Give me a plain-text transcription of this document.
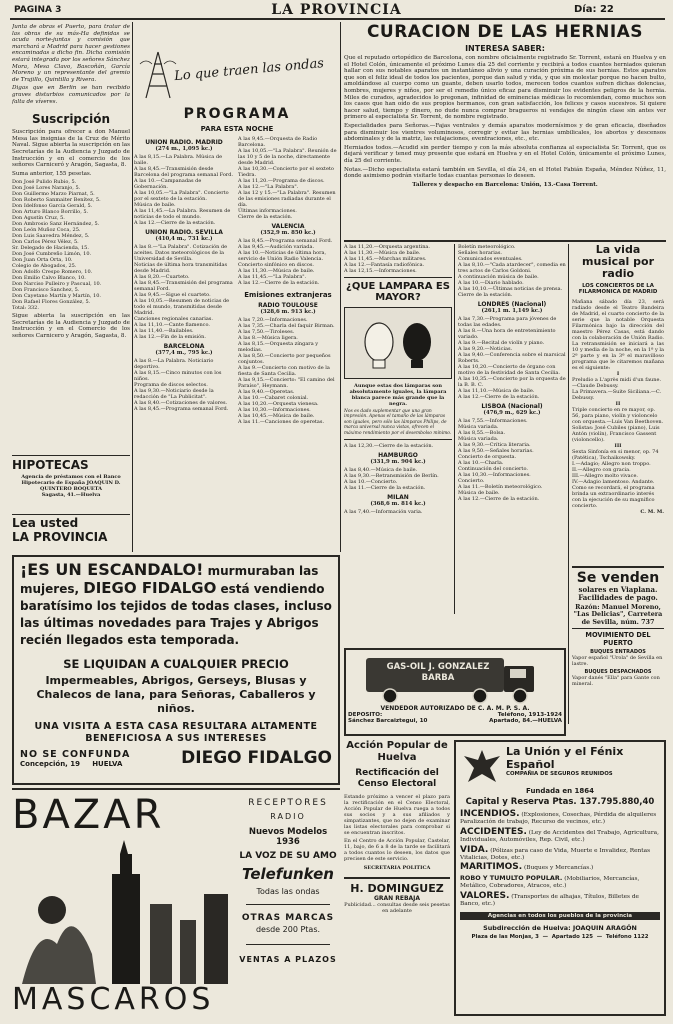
PAGINA 3	LA PROVINCIA	Día: 22

Junta de obras el Puerto, para tratar de las obras de su más-Ha definidas se acuda norte-juntas y comisión que marchará a Madrid para hacer gestiones encaminadas a dicho fin. Dicha comisión estará integrada por los señores Sánchez Mora, Mesa Clavo, Bascoñán, García Moreno y un representante del gremio de Trujillo, Quintilla y Rivera.

Digas que en Berlin se han recibido graves disturbios comunicados por la falta de víveres.

Suscripción

Suscripción para ofrecer a don Manuel Mesa las insignias de la Cruz de Mérito Naval. Sigue abierta la suscripción en las Secretarías de la Audiencia y Juzgado de Instrucción y en el comercio de los señores Carniceró y Aragón, Sagasta, 8.

Suma anterior, 155 pesetas.

Don José Pulido Rubio, 5.

Don José Lores Naranjo, 5.

Don Guillermo Marzo Piarnat, 5.

Don Roberto Sanmaiter Benítez, 5.

Don Idelfonso García Gerald, 5.

Don Arturo Blanco Borrillo, 5.

Don Agustín Cruz, 5.

Don Ambrosio Sanz Hernández, 5.

Don León Muñoz Coca, 25.

Don Luis Saavedra Méndez, 5.

Don Carlos Pérez Vélez, 5.

Sr. Delegado de Hacienda, 15.

Don José Cumbreño Limón, 10.

Don Juan Orta Orta, 10.

Colegio de Abogados, 25.

Don Adolfo Crespo Romero, 10.

Don Emilio Calvo Blanco, 10.

Don Narciso Pulleiro y Pascual, 10.

Don Francisco Sanchez, 5.

Don Cayetano Martín y Martín, 10.

Don Rafael Flores González, 5.

Total: 332.

Sigue abierta la suscripción en las Secretarías de la Audiencia y Juzgado de Instrucción y en el Comercio de los señores Carnicero y Aragón, Sagasta, 8.

HIPOTECAS

Agencia de préstamos con el Banco Hipotecario de España JOAQUIN D. QUINTERO BOQUETA

Sagasta, 41.—Huelva

Lea usted
LA PROVINCIA
Lo que traen las ondas
PROGRAMA
PARA ESTA NOCHE
UNION RADIO. MADRID
(274 m., 1,095 kc.)

A las 8,15.—La Palabra. Música de baile.

A las 8,45.—Transmisión desde Barcelona del programa semanal Ford.

A las 10.—Campanadas de Gobernación.

A las 10,05.—"La Palabra". Concierto por el sexteto de la estación.

Música de baile.

A las 11,45.—La Palabra. Resumen de noticias de todo el mundo.

A las 12.—Cierre de la estación.

UNION RADIO. SEVILLA
(410,4 m., 731 kc.)

A las 8.—"La Palabra". Cotización de aceites. Datos meteorológicos de la Universidad de Sevilla.

Noticias de última hora transmitidas desde Madrid.

A las 8,20.—Cuarteto.

A las 8,45.—Transmisión del programa semanal Ford.

A las 9,45.—Sigue el cuarteto.

A las 10,05.—Resumen de noticias de todo el mundo, transmitidas desde Madrid.

Canciones regionales canarias.

A las 11,10.—Cante flamenco.

A las 11,40.—Bailables.

A las 12.—Fin de la emisión.

BARCELONA
(377,4 m., 795 kc.)

A las 8.—La Palabra. Noticiario deportivo.

A las 8,15.—Cinco minutos con los niños.

Programa de discos selectos.

A las 9,30.—Noticiario desde la redacción de "La Publicitat".

A las 8,40.—Cotizaciones de valores.

A las 8,45.—Programa semanal Ford.

A las 9,45.—Orquesta de Radio Barcelona.

A las 10,05.—"La Palabra". Reunión de las 10 y 5 de la noche, directamente desde Madrid.

A las 10,30.—Concierto por el sexteto Tiedra.

A las 11,20.—Programa de discos.

A las 12.—"La Palabra".

A las 12 y 15.—"La Palabra". Resumen de las emisiones radiadas durante el día.

Últimas informaciones.

Cierre de la estación.

VALENCIA
(352,9 m. 850 kc.)

A las 8,45.—Programa semanal Ford.

A las 9,45.—Audición variada.

A las 10.—Noticias de última hora, servicio de Unión Radio Valencia.

Concierto sinfónico en discos.

A las 11,30.—Música de baile.

A las 11,45.—"La Palabra".

A las 12.—Cierre de la estación.

Emisiones extranjeras
RADIO TOULOUSE
(328,6 m. 913 kc.)

A las 7,20.—Informaciones.

A las 7,35.—Charla del faquir Birman.

A las 7,50.—Tiroleses.

A las 8.—Música ligera.

A las 8,15.—Orquesta zíngara y melodías.

A las 8,50.—Concierto por pequeños conjuntos.

A las 9.—Concierto con motivo de la fiesta de Santa Cecilia.

A las 9,15.—Concierto: "El camino del Paraíso", Heymann.

A las 9,40.—Operetas.

A las 10.—Cabaret colonial.

A las 10,20.—Orquesta vienesa.

A las 10,30.—Informaciones.

A las 10,45.—Música de baile.

A las 11.—Canciones de operetas.

CURACION DE LAS HERNIAS
INTERESA SABER:

Que el reputado ortopédico de Barcelona, con nombre oficialmente registrado Sr. Torrent, estará en Huelva y en el Hotel Colón, únicamente el próximo Lunes día 25 del corriente y recibirá a todos cuantos herniados quieran hallar con sus notables aparatos un instantáneo alivio y una curación próxima de sus hernias. Estos aparatos que son el feliz ideal de todos los pacientes, porque dan salud y vida, y que sin molestar porque no hacen bulto, amoldándose al cuerpo como un guante, deben usarlo todos, merecen todos cuantos sufren dichas dolencias, hombres, mujeres y niños, por ser el remedio único eficaz para disminuir los evidentes peligros de la hernia. Miles de curados, agradecidos lo pregonan, infinidad de eminencias médicas lo recomiendan, como muchos son los casos que han oído de sus propios hermanos, con gran satisfacción, los felices y casos sucesivos. Si quiere hacer salud, tiempo y dinero, no dude nunca comprar bragueros ni vendajes de ningún clase sin antes ver primero al especialista Sr. Torrent, de nombre registrado.

Especialidades para Señoras.—Fajas ventrales y demás aparatos modernísimos y de gran eficacia, diseñados para disminuir los vientres voluminosos, corregir y evitar las hernias umbilicales, los abortos y descensos abdominales y de la matriz, las relajaciones, eventraciones, etc., etc.

Herniados todos.—Acudid sin perder tiempo y con la más absoluta confianza al especialista Sr. Torrent, que os dejará verificar y tened muy presente que estará en Huelva y en el Hotel Colón, únicamente el próximo Lunes, día 25 del corriente.

Notas.—Dicho especialista estará también en Sevilla, el día 24, en el Hotel Fabián España, Méndez Núñez, 11, donde asimismo podrán visitarle todas cuantas personas lo deseen.

Talleres y despacho en Barcelona: Unión, 13.-Casa Torrent.

A las 11,20.—Orquesta argentina.
A las 11,30.—Música de baile.
A las 11,45.—Marchas militares.
A las 12.—Fantasía radiofónica.
A las 12,15.—Informaciones.

¿QUE LAMPARA ES MAYOR?

Aunque estas dos lámparas son absolutamente iguales, la lámpara blanca parece más grande que la negra.

Nos es dado suplementar que una gran impresión. Apenas el tamaño de las lámparas son iguales, pero sólo las lámparas Philips, de marca universal nunca vistas, ofrecen el máximo rendimiento por el desembolso mínimo.

A las 12,30.—Cierre de la estación.

HAMBURGO
(331,9 m. 904 kc.)

A las 8,40.—Música de baile.

A las 9,30.—Retransmisión de Berlín.

A las 10.—Concierto.

A las 11.—Cierre de la estación.

MILAN
(368,6 m. 814 kc.)

A las 7,40.—Información varia.

Boletín meteorológico.

Señales horarias.

Comunicados eventuales.

A las 8,10.—"Cada atardecer", comedia en tres actos de Carlos Goldoni.

A continuación música de baile.

A las 10.—Diario hablado.

A las 10,10.—Últimas noticias de prensa.

Cierre de la estación.

LONDRES (Nacional)
(261,1 m. 1,149 kc.)

A las 7,30.—Programa para jóvenes de todas las edades.

A las 8.—Una hora de entretenimiento variado.

A las 9.—Recital de violín y piano.

A las 9,20.—Noticias.

A las 9,40.—Conferencia sobre el marsical Roberts.

A las 10,20.—Concierto de órgano con motivo de la festividad de Santa Cecilia.

A las 10,35.—Concierto por la orquesta de la B. B. C.

A las 11,10.—Música de baile.

A las 12.—Cierre de la estación.

LISBOA (Nacional)
(476,9 m., 629 kc.)

A las 7,55.—Informaciones.

Música variada.

A las 8,55.—Bolsa.

Música variada.

A las 9,30.—Crítica literaria.

A las 9,50.—Señales horarias.

Concierto de orquesta.

A las 10.—Charla.

Continuación del concierto.

A las 10,30.—Informaciones.

Concierto.

A las 11.—Boletín meteorológico.

Música de baile.

A las 12.—Cierre de la estación.

La vida musical por radio
LOS CONCIERTOS DE LA FILARMONICA DE MADRID

Mañana sábado día 23, será radiado desde el Teatro Bandeira de Madrid, el cuarto concierto de la serie que la notable Orquesta Filarmónica bajo la dirección del maestro Pérez Casas, está dando con la colaboración de Unión Radio. La retransmisión se iniciará a las 10 y media de la noche, en la 1ª y la 2ª parte y en la 3ª el maravilloso programa que le citaremos mañana es el siguiente:

I

Preludio a L'après midi d'un faune.—Claude Debussy.

La Primavera.—Suite Siciliana.—C. Debussy.

II

Triple concierto en re mayor, op. 56, para piano, violín y violoncelo con orquesta.—Luis Van Beethoven.

Solistas: José Cubiles (piano), Luis Antón (violín), Francisco Gassent (violoncello).

III

Sexta Sinfonía en si menor, op. 74 (Patética), Tschaikowsky.

I.—Adagio; Allegro non troppo.

II.—Allegro con gracia.

III.—Allegro molto vivace.

IV.—Adagio lamentoso. Andante.

Como se recordará, el programa brinda un extraordinario interés con la ejecución de su magnífico concierto.

C. M. M.

Se venden

solares en Viaplana. Facilidades de pago.

Razón: Manuel Moreno, "Las Delicias", Carretera de Sevilla, núm. 737

MOVIMIENTO DEL PUERTO
BUQUES ENTRADOS

Vapor español "Urola" de Sevilla en lastre.

BUQUES DESPACHADOS

Vapor danés "Ella" para Gante con mineral.

¡ES UN ESCANDALO! murmuraban las mujeres, DIEGO FIDALGO está vendiendo baratísimo los tejidos de todas clases, incluso las últimas novedades para Trajes y Abrigos recién llegados esta temporada.
SE LIQUIDAN A CUALQUIER PRECIO
Impermeables, Abrigos, Gerseys, Blusas y Chalecos de lana, para Señoras, Caballeros y niños.
UNA VISITA A ESTA CASA RESULTARA ALTAMENTE BENEFICIOSA A SUS INTERESES
NO SE CONFUNDA
Concepción, 19     HUELVA	DIEGO FIDALGO
GAS-OIL J. GONZALEZ BARBA
VENDEDOR AUTORIZADO DE C. A. M. P. S. A.
DEPOSITO:	Teléfono, 1913-1924
Sánchez Barcaiztegui, 10	Apartado, 84.—HUELVA
BAZAR
MASCAROS
RECEPTORES
RADIO
Nuevos Modelos 1936
LA VOZ DE SU AMO
Telefunken
Todas las ondas
OTRAS MARCAS
desde 200 Ptas.
VENTAS A PLAZOS
Acción Popular de Huelva
Rectificación del Censo Electoral

Estando próximo a vencer el plazo para la rectificación en el Censo Electoral, Acción Popular de Huelva ruega a todos sus socios y a sus afiliados y simpatizantes, que no dejen de examinar las listas electorales para comprobar si se encuentran inscritos.

En el Centro de Acción Popular, Castelar, 11, bajo, de 6 a 8 de la tarde se facilitará a todos cuantos lo deseen, los datos que precisen de este servicio.

SECRETARIA POLITICA

H. DOMINGUEZ
GRAN REBAJA

Publicidad... consultas desde seis pesetas en adelante

La Unión y el Fénix Español
COMPAÑIA DE SEGUROS REUNIDOS
Fundada en 1864
Capital y Reserva Ptas. 137.795.880,40
INCENDIOS. (Explosiones, Cosechas, Pérdida de alquileres Paralización de trabajo, Recurso de vecinos, etc.)
ACCIDENTES. (Ley de Accidentes del Trabajo, Agricultura, Individuales, Automóviles, Rep. Civil, etc.)
VIDA. (Pólizas para caso de Vida, Muerte e Invalidez, Rentas Vitalicias, Dotes, etc.)
MARITIMOS. (Buques y Mercancías.)
ROBO Y TUMULTO POPULAR. (Mobiliarios, Mercancías, Metálico, Cobradores, Atracos, etc.)
VALORES. (Transportes de alhajas, Títulos, Billetes de Banco, etc.)
Agencias en todos los pueblos de la provincia
Subdirección de Huelva: JOAQUIN ARAGÓN
Plaza de las Monjas, 3  —  Apartado 125  —  Teléfono 1122
